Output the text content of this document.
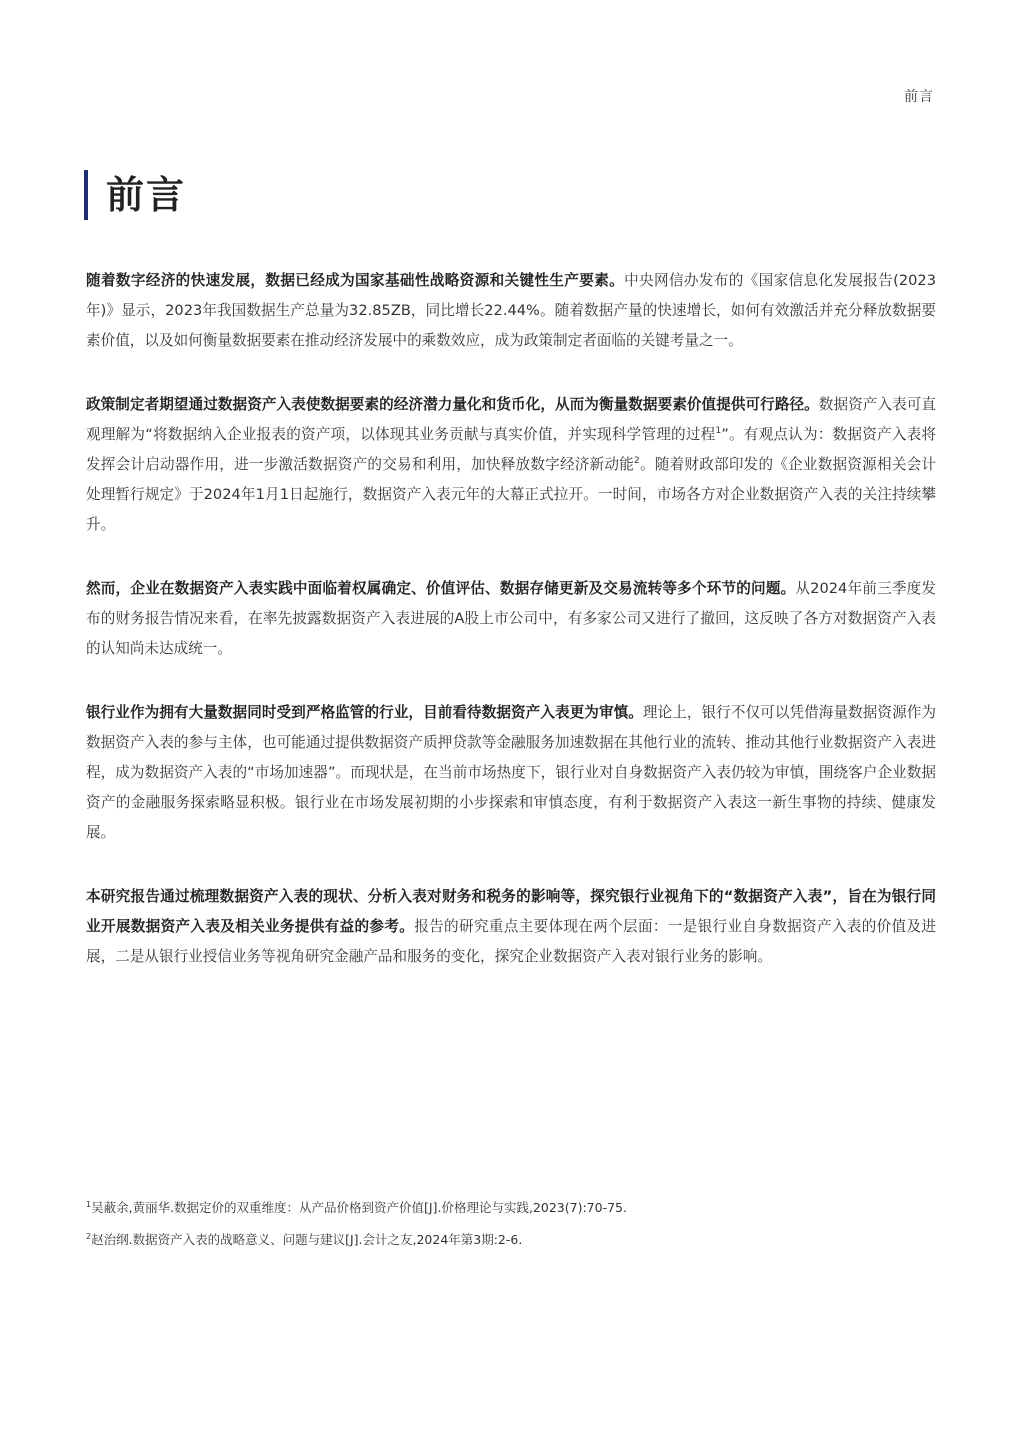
前言
前言

随着数字经济的快速发展，数据已经成为国家基础性战略资源和关键性生产要素。中央网信办发布的《国家信息化发展报告(2023年)》显示，2023年我国数据生产总量为32.85ZB，同比增长22.44%。随着数据产量的快速增长，如何有效激活并充分释放数据要素价值，以及如何衡量数据要素在推动经济发展中的乘数效应，成为政策制定者面临的关键考量之一。

政策制定者期望通过数据资产入表使数据要素的经济潜力量化和货币化，从而为衡量数据要素价值提供可行路径。数据资产入表可直观理解为“将数据纳入企业报表的资产项，以体现其业务贡献与真实价值，并实现科学管理的过程$^1$”。有观点认为：数据资产入表将发挥会计启动器作用，进一步激活数据资产的交易和利用，加快释放数字经济新动能$^2$。随着财政部印发的《企业数据资源相关会计处理暂行规定》于2024年1月1日起施行，数据资产入表元年的大幕正式拉开。一时间，市场各方对企业数据资产入表的关注持续攀升。

然而，企业在数据资产入表实践中面临着权属确定、价值评估、数据存储更新及交易流转等多个环节的问题。从2024年前三季度发布的财务报告情况来看，在率先披露数据资产入表进展的A股上市公司中，有多家公司又进行了撤回，这反映了各方对数据资产入表的认知尚未达成统一。

银行业作为拥有大量数据同时受到严格监管的行业，目前看待数据资产入表更为审慎。理论上，银行不仅可以凭借海量数据资源作为数据资产入表的参与主体，也可能通过提供数据资产质押贷款等金融服务加速数据在其他行业的流转、推动其他行业数据资产入表进程，成为数据资产入表的“市场加速器”。而现状是，在当前市场热度下，银行业对自身数据资产入表仍较为审慎，围绕客户企业数据资产的金融服务探索略显积极。银行业在市场发展初期的小步探索和审慎态度，有利于数据资产入表这一新生事物的持续、健康发展。

本研究报告通过梳理数据资产入表的现状、分析入表对财务和税务的影响等，探究银行业视角下的“数据资产入表”，旨在为银行同业开展数据资产入表及相关业务提供有益的参考。报告的研究重点主要体现在两个层面：一是银行业自身数据资产入表的价值及进展，二是从银行业授信业务等视角研究金融产品和服务的变化，探究企业数据资产入表对银行业务的影响。

$^1$吴蔽余,黄丽华.数据定价的双重维度：从产品价格到资产价值[J].价格理论与实践,2023(7):70-75.

$^2$赵治纲.数据资产入表的战略意义、问题与建议[J].会计之友,2024年第3期:2-6.
